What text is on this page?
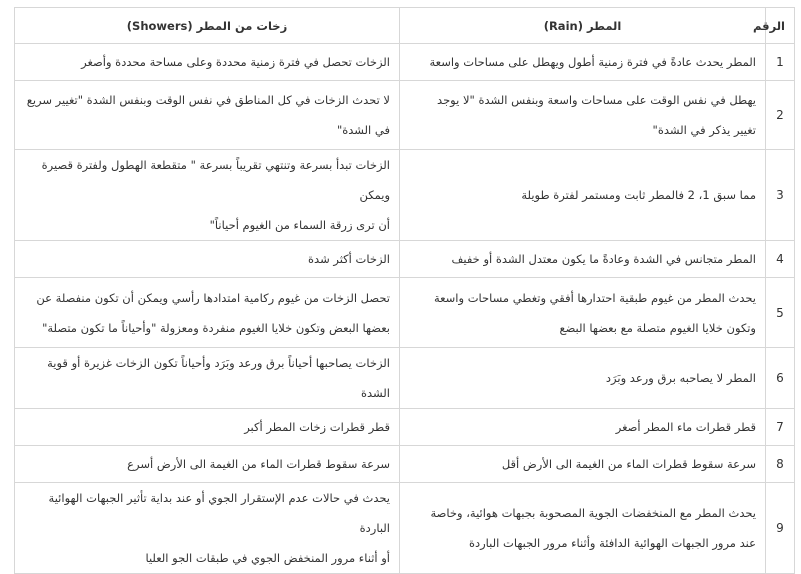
الرقم	المطر (Rain)	زخات من المطر (Showers)
1	المطر يحدث عادةً في فترة زمنية أطول ويهطل على مساحات واسعة	الزخات تحصل في فترة زمنية محددة وعلى مساحة محددة وأصغر

2	يهطل في نفس الوقت على مساحات واسعة وبنفس الشدة "لا يوجد
تغيير يذكر في الشدة"	لا تحدث الزخات في كل المناطق في نفس الوقت وبنفس الشدة "تغيير سريع
في الشدة"

3	مما سبق 1، 2 فالمطر ثابت ومستمر لفترة طويلة	الزخات تبدأ بسرعة وتنتهي تقريباً بسرعة " متقطعة الهطول ولفترة قصيرة ويمكن
أن ترى زرقة السماء من الغيوم أحياناً"

4	المطر متجانس في الشدة وعادةً ما يكون معتدل الشدة أو خفيف	الزخات أكثر شدة

5	يحدث المطر من غيوم طبقية احتدارها أفقي وتغطي مساحات واسعة
وتكون خلايا الغيوم متصلة مع بعضها البضع	تحصل الزخات من غيوم ركامية امتدادها رأسي ويمكن أن تكون منفصلة عن
بعضها البعض وتكون خلايا الغيوم منفردة ومعزولة "وأحياناً ما تكون متصلة"

6	المطر لا يصاحبه برق ورعد وبَرَد	الزخات يصاحبها أحياناً برق ورعد وبَرَد وأحياناً تكون الزخات غزيرة أو قوية الشدة

7	قطر قطرات ماء المطر أصغر	قطر قطرات زخات المطر أكبر

8	سرعة سقوط قطرات الماء من الغيمة الى الأرض أقل	سرعة سقوط قطرات الماء من الغيمة الى الأرض أسرع

9	يحدث المطر مع المنخفضات الجوية المصحوبة بجبهات هوائية، وخاصة
عند مرور الجبهات الهوائية الدافئة وأثناء مرور الجبهات الباردة	يحدث في حالات عدم الإستقرار الجوي أو عند بداية تأثير الجبهات الهوائية الباردة
أو أثناء مرور المنخفض الجوي في طبقات الجو العليا
